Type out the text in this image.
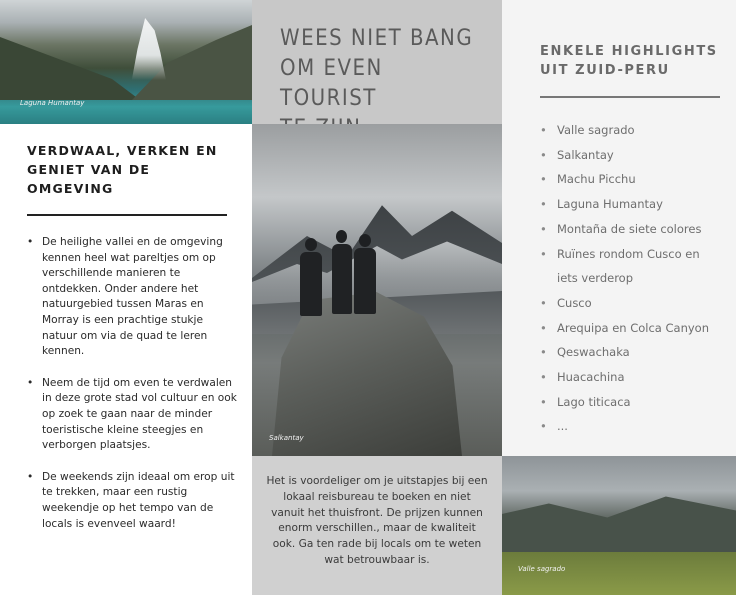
Laguna Humantay
WEES NIET BANG
OM EVEN TOURIST
ENKELE HIGHLIGHTS
UIT ZUID-PERU
• Valle sagrado
• Salkantay
• Machu Picchu
• Laguna Humantay
• Montaña de siete colores
• Ruïnes rondom Cusco en iets verderop
• Cusco
• Arequipa en Colca Canyon
• Qeswachaka
• Huacachina
• Lago titicaca
• ...
VERDWAAL, VERKEN EN GENIET VAN DE OMGEVING
• De heilighe vallei en de omgeving kennen heel wat pareltjes om op verschillende manieren te ontdekken. Onder andere het natuurgebied tussen Maras en Morray is een prachtige stukje natuur om via de quad te leren kennen.
• Neem de tijd om even te verdwalen in deze grote stad vol cultuur en ook op zoek te gaan naar de minder toeristische kleine steegjes en verborgen plaatsjes.
• De weekends zijn ideaal om erop uit te trekken, maar een rustig weekendje op het tempo van de locals is evenveel waard!
Salkantay

Het is voordeliger om je uitstapjes bij een lokaal reisbureau te boeken en niet vanuit het thuisfront. De prijzen kunnen enorm verschillen., maar de kwaliteit ook. Ga ten rade bij locals om te weten wat betrouwbaar is.

Valle sagrado
